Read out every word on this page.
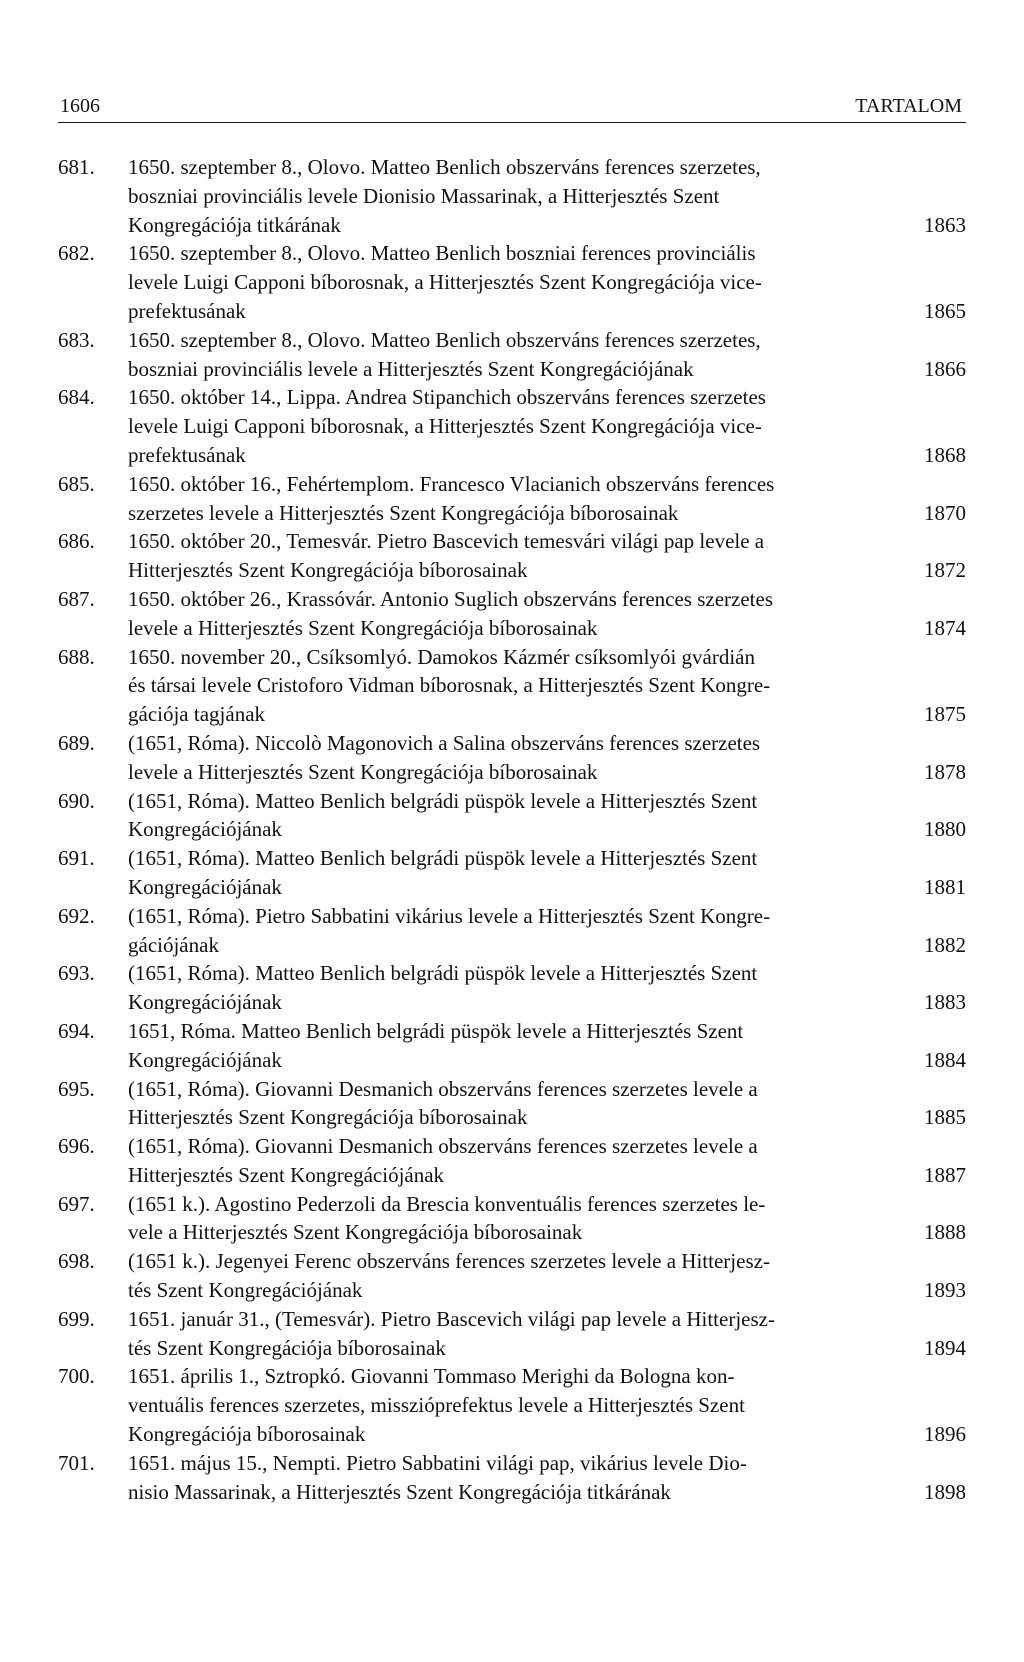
1606	TARTALOM
681.	1650. szeptember 8., Olovo. Matteo Benlich obszerváns ferences szerzetes,
boszniai provinciális levele Dionisio Massarinak, a Hitterjesztés Szent
Kongregációja titkárának	1863
682.	1650. szeptember 8., Olovo. Matteo Benlich boszniai ferences provinciális
levele Luigi Capponi bíborosnak, a Hitterjesztés Szent Kongregációja vice-
prefektusának	1865
683.	1650. szeptember 8., Olovo. Matteo Benlich obszerváns ferences szerzetes,
boszniai provinciális levele a Hitterjesztés Szent Kongregációjának	1866
684.	1650. október 14., Lippa. Andrea Stipanchich obszerváns ferences szerzetes
levele Luigi Capponi bíborosnak, a Hitterjesztés Szent Kongregációja vice-
prefektusának	1868
685.	1650. október 16., Fehértemplom. Francesco Vlacianich obszerváns ferences
szerzetes levele a Hitterjesztés Szent Kongregációja bíborosainak	1870
686.	1650. október 20., Temesvár. Pietro Bascevich temesvári világi pap levele a
Hitterjesztés Szent Kongregációja bíborosainak	1872
687.	1650. október 26., Krassóvár. Antonio Suglich obszerváns ferences szerzetes
levele a Hitterjesztés Szent Kongregációja bíborosainak	1874
688.	1650. november 20., Csíksomlyó. Damokos Kázmér csíksomlyói gvárdián
és társai levele Cristoforo Vidman bíborosnak, a Hitterjesztés Szent Kongre-
gációja tagjának	1875
689.	(1651, Róma). Niccolò Magonovich a Salina obszerváns ferences szerzetes
levele a Hitterjesztés Szent Kongregációja bíborosainak	1878
690.	(1651, Róma). Matteo Benlich belgrádi püspök levele a Hitterjesztés Szent
Kongregációjának	1880
691.	(1651, Róma). Matteo Benlich belgrádi püspök levele a Hitterjesztés Szent
Kongregációjának	1881
692.	(1651, Róma). Pietro Sabbatini vikárius levele a Hitterjesztés Szent Kongre-
gációjának	1882
693.	(1651, Róma). Matteo Benlich belgrádi püspök levele a Hitterjesztés Szent
Kongregációjának	1883
694.	1651, Róma. Matteo Benlich belgrádi püspök levele a Hitterjesztés Szent
Kongregációjának	1884
695.	(1651, Róma). Giovanni Desmanich obszerváns ferences szerzetes levele a
Hitterjesztés Szent Kongregációja bíborosainak	1885
696.	(1651, Róma). Giovanni Desmanich obszerváns ferences szerzetes levele a
Hitterjesztés Szent Kongregációjának	1887
697.	(1651 k.). Agostino Pederzoli da Brescia konventuális ferences szerzetes le-
vele a Hitterjesztés Szent Kongregációja bíborosainak	1888
698.	(1651 k.). Jegenyei Ferenc obszerváns ferences szerzetes levele a Hitterjesz-
tés Szent Kongregációjának	1893
699.	1651. január 31., (Temesvár). Pietro Bascevich világi pap levele a Hitterjesz-
tés Szent Kongregációja bíborosainak	1894
700.	1651. április 1., Sztropkó. Giovanni Tommaso Merighi da Bologna kon-
ventuális ferences szerzetes, misszióprefektus levele a Hitterjesztés Szent
Kongregációja bíborosainak	1896
701.	1651. május 15., Nempti. Pietro Sabbatini világi pap, vikárius levele Dio-
nisio Massarinak, a Hitterjesztés Szent Kongregációja titkárának	1898
